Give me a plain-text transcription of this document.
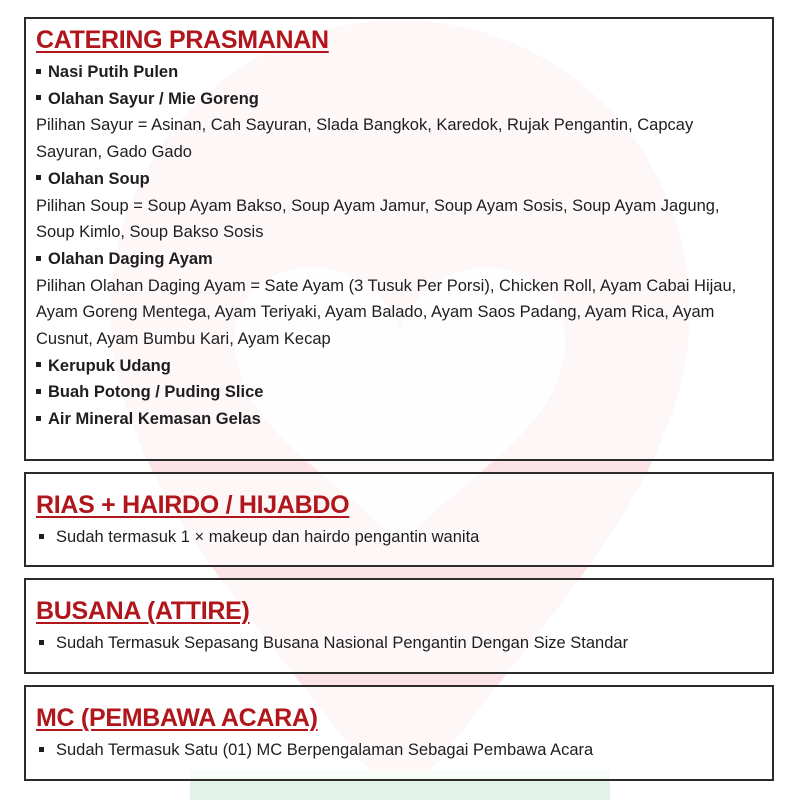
CATERING PRASMANAN
Nasi Putih Pulen
Olahan Sayur / Mie Goreng
Pilihan Sayur = Asinan, Cah Sayuran, Slada Bangkok, Karedok, Rujak Pengantin, Capcay
Sayuran, Gado Gado
Olahan Soup
Pilihan Soup = Soup Ayam Bakso, Soup Ayam Jamur, Soup Ayam Sosis, Soup Ayam Jagung,
Soup Kimlo, Soup Bakso Sosis
Olahan Daging Ayam
Pilihan Olahan Daging Ayam = Sate Ayam (3 Tusuk Per Porsi), Chicken Roll, Ayam Cabai Hijau,
Ayam Goreng Mentega, Ayam Teriyaki, Ayam Balado, Ayam Saos Padang, Ayam Rica, Ayam
Cusnut, Ayam Bumbu Kari, Ayam Kecap
Kerupuk Udang
Buah Potong / Puding Slice
Air Mineral Kemasan Gelas
RIAS + HAIRDO / HIJABDO
Sudah termasuk 1 × makeup dan hairdo pengantin wanita
BUSANA (ATTIRE)
Sudah Termasuk Sepasang Busana Nasional Pengantin Dengan Size Standar
MC (PEMBAWA ACARA)
Sudah Termasuk Satu (01) MC Berpengalaman Sebagai Pembawa Acara
